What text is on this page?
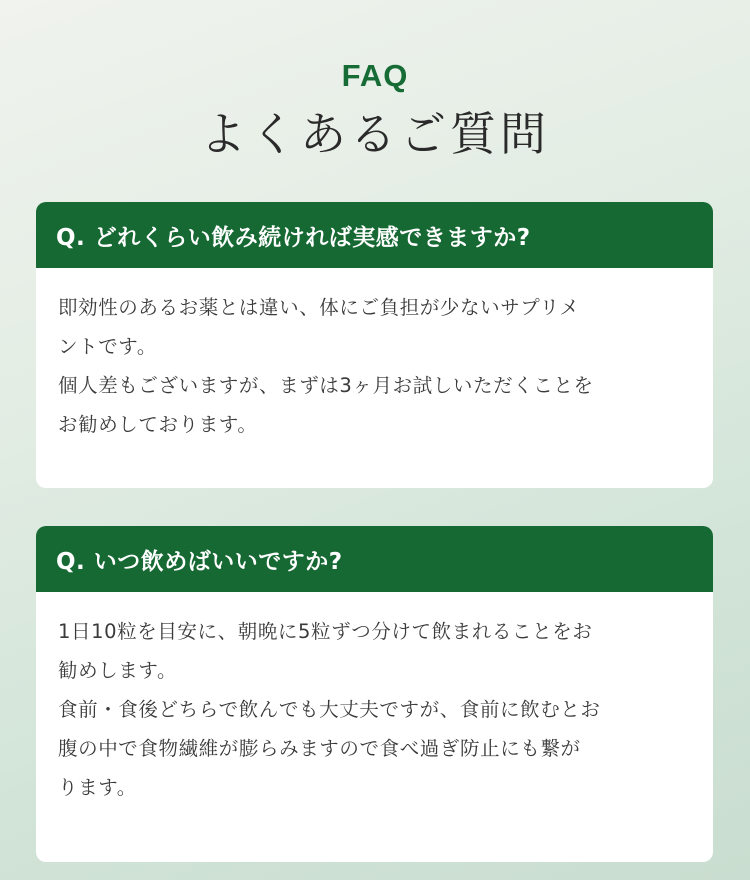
FAQ
よくあるご質問
Q. どれくらい飲み続ければ実感できますか?
即効性のあるお薬とは違い、体にご負担が少ないサプリメ
ントです。
個人差もございますが、まずは3ヶ月お試しいただくことを
お勧めしております。
Q. いつ飲めばいいですか?
1日10粒を目安に、朝晩に5粒ずつ分けて飲まれることをお
勧めします。
食前・食後どちらで飲んでも大丈夫ですが、食前に飲むとお
腹の中で食物繊維が膨らみますので食べ過ぎ防止にも繋が
ります。
